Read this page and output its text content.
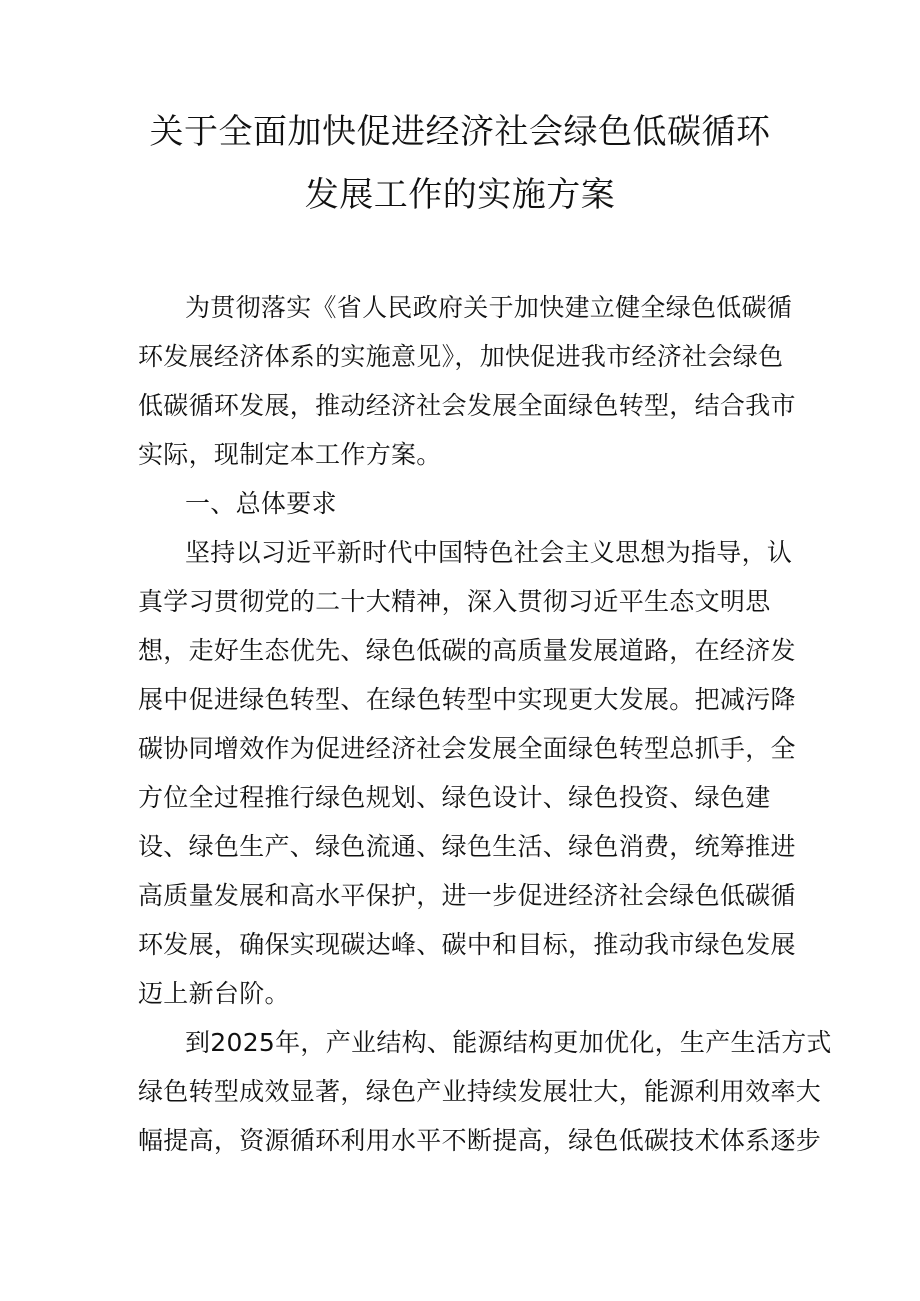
关于全面加快促进经济社会绿色低碳循环
发展工作的实施方案
为贯彻落实《省人民政府关于加快建立健全绿色低碳循
环发展经济体系的实施意见》，加快促进我市经济社会绿色
低碳循环发展，推动经济社会发展全面绿色转型，结合我市
实际，现制定本工作方案。
一、总体要求
坚持以习近平新时代中国特色社会主义思想为指导，认
真学习贯彻党的二十大精神，深入贯彻习近平生态文明思
想，走好生态优先、绿色低碳的高质量发展道路，在经济发
展中促进绿色转型、在绿色转型中实现更大发展。把减污降
碳协同增效作为促进经济社会发展全面绿色转型总抓手，全
方位全过程推行绿色规划、绿色设计、绿色投资、绿色建
设、绿色生产、绿色流通、绿色生活、绿色消费，统筹推进
高质量发展和高水平保护，进一步促进经济社会绿色低碳循
环发展，确保实现碳达峰、碳中和目标，推动我市绿色发展
迈上新台阶。
到2025年，产业结构、能源结构更加优化，生产生活方式
绿色转型成效显著，绿色产业持续发展壮大，能源利用效率大
幅提高，资源循环利用水平不断提高，绿色低碳技术体系逐步
